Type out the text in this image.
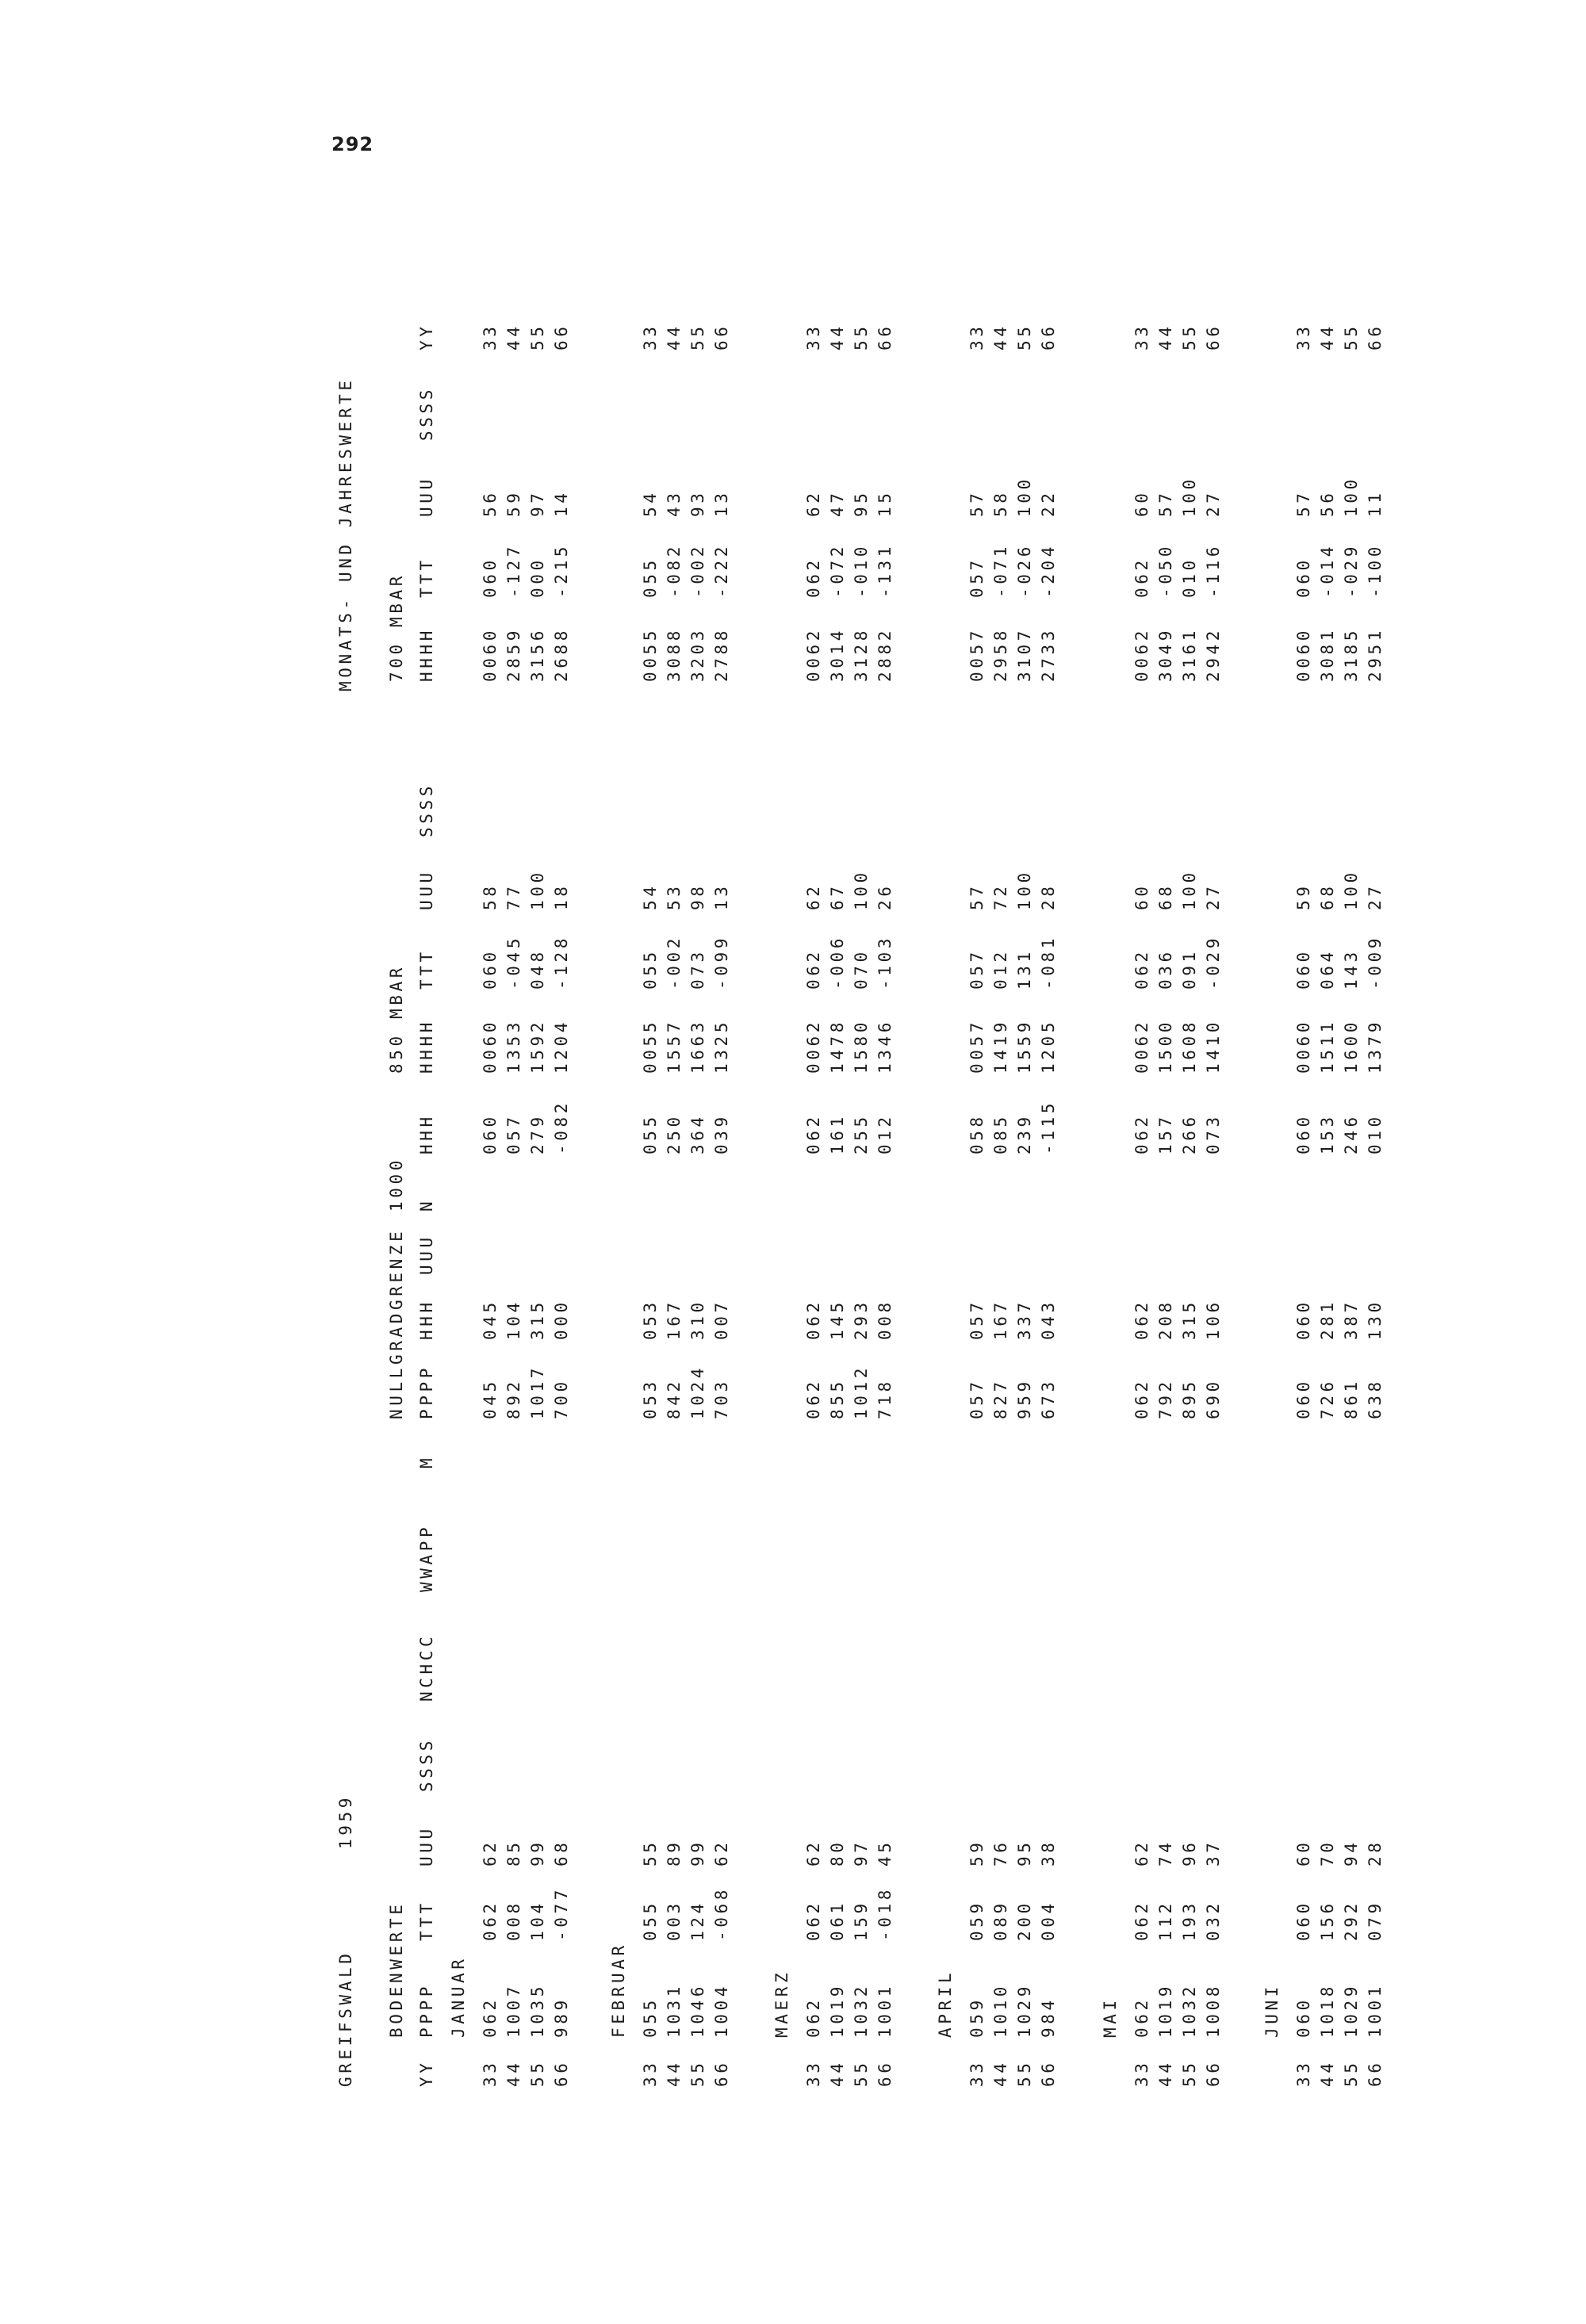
292

GREIFSWALD

1959

MONATS- UND JAHRESWERTE

BODENWERTE

NULLGRADGRENZE

1000

850 MBAR

700 MBAR

YY

PPPP

TTT

UUU

SSSS

NCHCC

WWAPP

M

PPPP

HHH

UUU

N

HHH

HHHH

TTT

UUU

SSSS

HHHH

TTT

UUU

SSSS

YY

JANUAR
33
062
062
62
045
045
060
0060
060
58
0060
060
56
33
44
1007
008
85
892
104
057
1353
-045
77
2859
-127
59
44
55
1035
104
99
1017
315
279
1592
048
100
3156
000
97
55
66
989
-077
68
700
000
-082
1204
-128
18
2688
-215
14
66
FEBRUAR
33
055
055
55
053
053
055
0055
055
54
0055
055
54
33
44
1031
003
89
842
167
250
1557
-002
53
3088
-082
43
44
55
1046
124
99
1024
310
364
1663
073
98
3203
-002
93
55
66
1004
-068
62
703
007
039
1325
-099
13
2788
-222
13
66
MAERZ
33
062
062
62
062
062
062
0062
062
62
0062
062
62
33
44
1019
061
80
855
145
161
1478
-006
67
3014
-072
47
44
55
1032
159
97
1012
293
255
1580
070
100
3128
-010
95
55
66
1001
-018
45
718
008
012
1346
-103
26
2882
-131
15
66
APRIL
33
059
059
59
057
057
058
0057
057
57
0057
057
57
33
44
1010
089
76
827
167
085
1419
012
72
2958
-071
58
44
55
1029
200
95
959
337
239
1559
131
100
3107
-026
100
55
66
984
004
38
673
043
-115
1205
-081
28
2733
-204
22
66
MAI
33
062
062
62
062
062
062
0062
062
60
0062
062
60
33
44
1019
112
74
792
208
157
1500
036
68
3049
-050
57
44
55
1032
193
96
895
315
266
1608
091
100
3161
010
100
55
66
1008
032
37
690
106
073
1410
-029
27
2942
-116
27
66
JUNI
33
060
060
60
060
060
060
0060
060
59
0060
060
57
33
44
1018
156
70
726
281
153
1511
064
68
3081
-014
56
44
55
1029
292
94
861
387
246
1600
143
100
3185
-029
100
55
66
1001
079
28
638
130
010
1379
-009
27
2951
-100
11
66
